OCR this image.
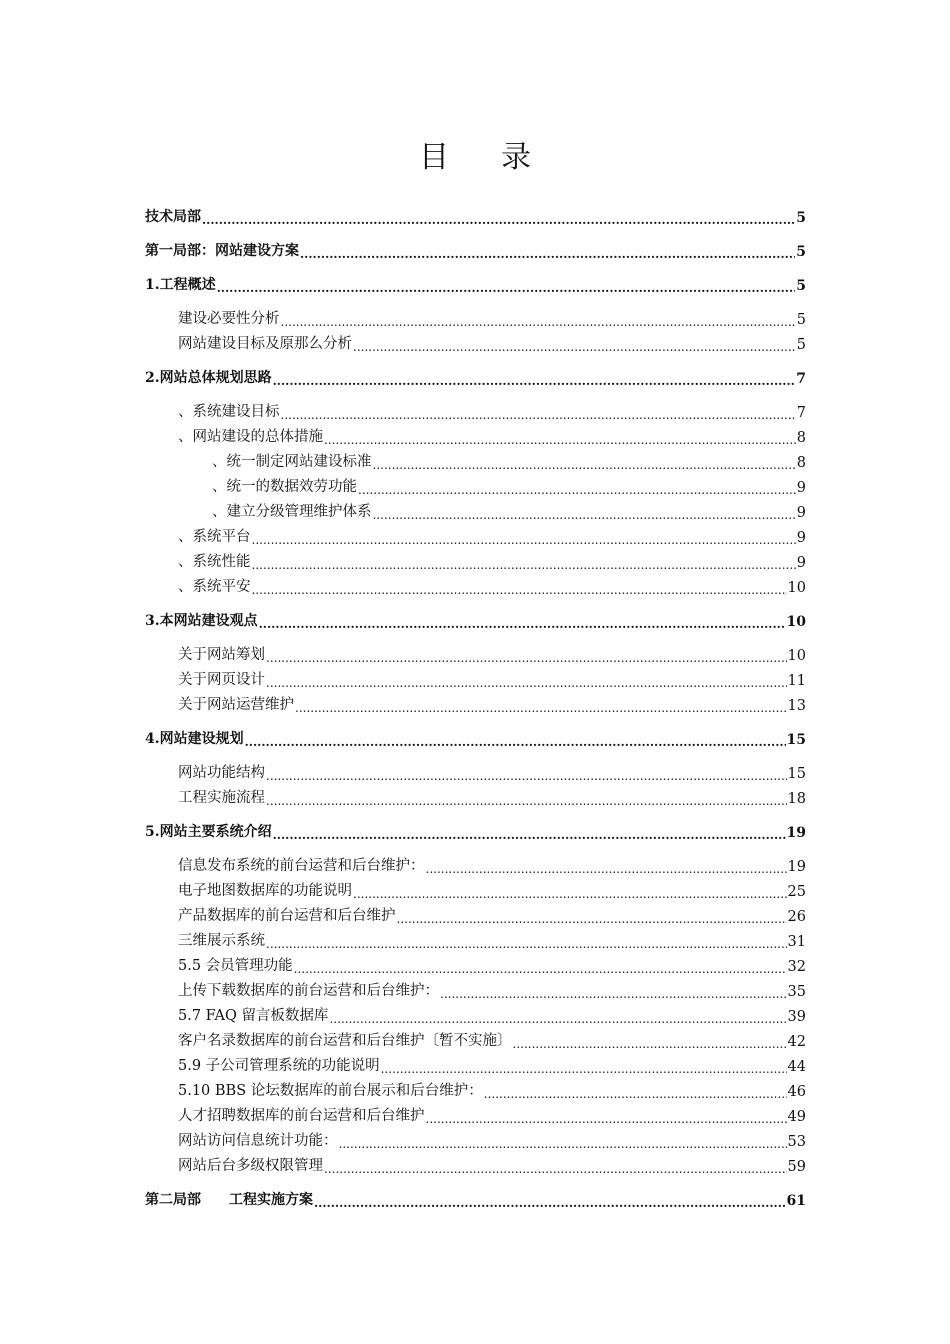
目 录
技术局部 .....	5
第一局部：网站建设方案 .....	5
1.工程概述 .....	5
建设必要性分析 .....	5
网站建设目标及原那么分析 .....	5
2.网站总体规划思路 .....	7
、系统建设目标 .....	7
、网站建设的总体措施 .....	8
、统一制定网站建设标准 .....	8
、统一的数据效劳功能 .....	9
、建立分级管理维护体系 .....	9
、系统平台 .....	9
、系统性能 .....	9
、系统平安 .....	10
3.本网站建设观点 .....	10
关于网站筹划 .....	10
关于网页设计 .....	11
关于网站运营维护 .....	13
4.网站建设规划 .....	15
网站功能结构 .....	15
工程实施流程 .....	18
5.网站主要系统介绍 .....	19
信息发布系统的前台运营和后台维护： .....	19
电子地图数据库的功能说明 .....	25
产品数据库的前台运营和后台维护 .....	26
三维展示系统 .....	31
5.5 会员管理功能 .....	32
上传下载数据库的前台运营和后台维护： .....	35
5.7 FAQ 留言板数据库 .....	39
客户名录数据库的前台运营和后台维护〔暂不实施〕 .....	42
5.9 子公司管理系统的功能说明 .....	44
5.10 BBS 论坛数据库的前台展示和后台维护： .....	46
人才招聘数据库的前台运营和后台维护 .....	49
网站访问信息统计功能： .....	53
网站后台多级权限管理 .....	59
第二局部　　工程实施方案 .....	61
